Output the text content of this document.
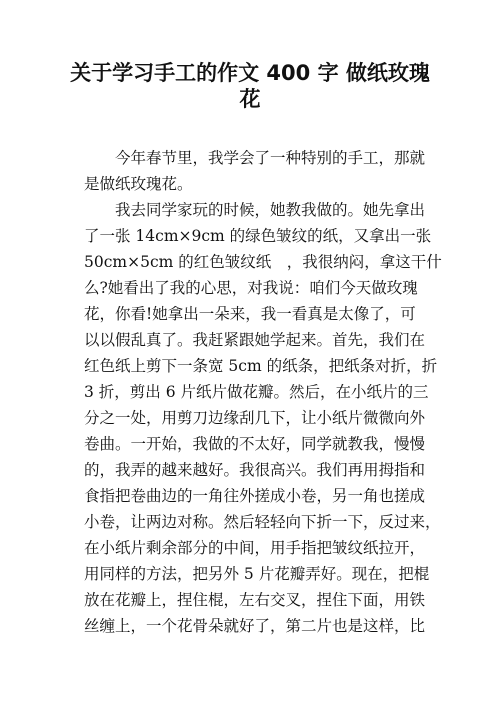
关于学习手工的作文 400 字 做纸玫瑰
花
　　今年春节里，我学会了一种特别的手工，那就
是做纸玫瑰花。
　　我去同学家玩的时候，她教我做的。她先拿出
了一张 14cm×9cm 的绿色皱纹的纸，又拿出一张
50cm×5cm 的红色皱纹纸　，我很纳闷，拿这干什
么?她看出了我的心思，对我说：咱们今天做玫瑰
花，你看!她拿出一朵来，我一看真是太像了，可
以以假乱真了。我赶紧跟她学起来。首先，我们在
红色纸上剪下一条宽 5cm 的纸条，把纸条对折，折
3 折，剪出 6 片纸片做花瓣。然后，在小纸片的三
分之一处，用剪刀边缘刮几下，让小纸片微微向外
卷曲。一开始，我做的不太好，同学就教我，慢慢
的，我弄的越来越好。我很高兴。我们再用拇指和
食指把卷曲边的一角往外搓成小卷，另一角也搓成
小卷，让两边对称。然后轻轻向下折一下，反过来，
在小纸片剩余部分的中间，用手指把皱纹纸拉开，
用同样的方法，把另外 5 片花瓣弄好。现在，把棍
放在花瓣上，捏住棍，左右交叉，捏住下面，用铁
丝缠上，一个花骨朵就好了，第二片也是这样，比
